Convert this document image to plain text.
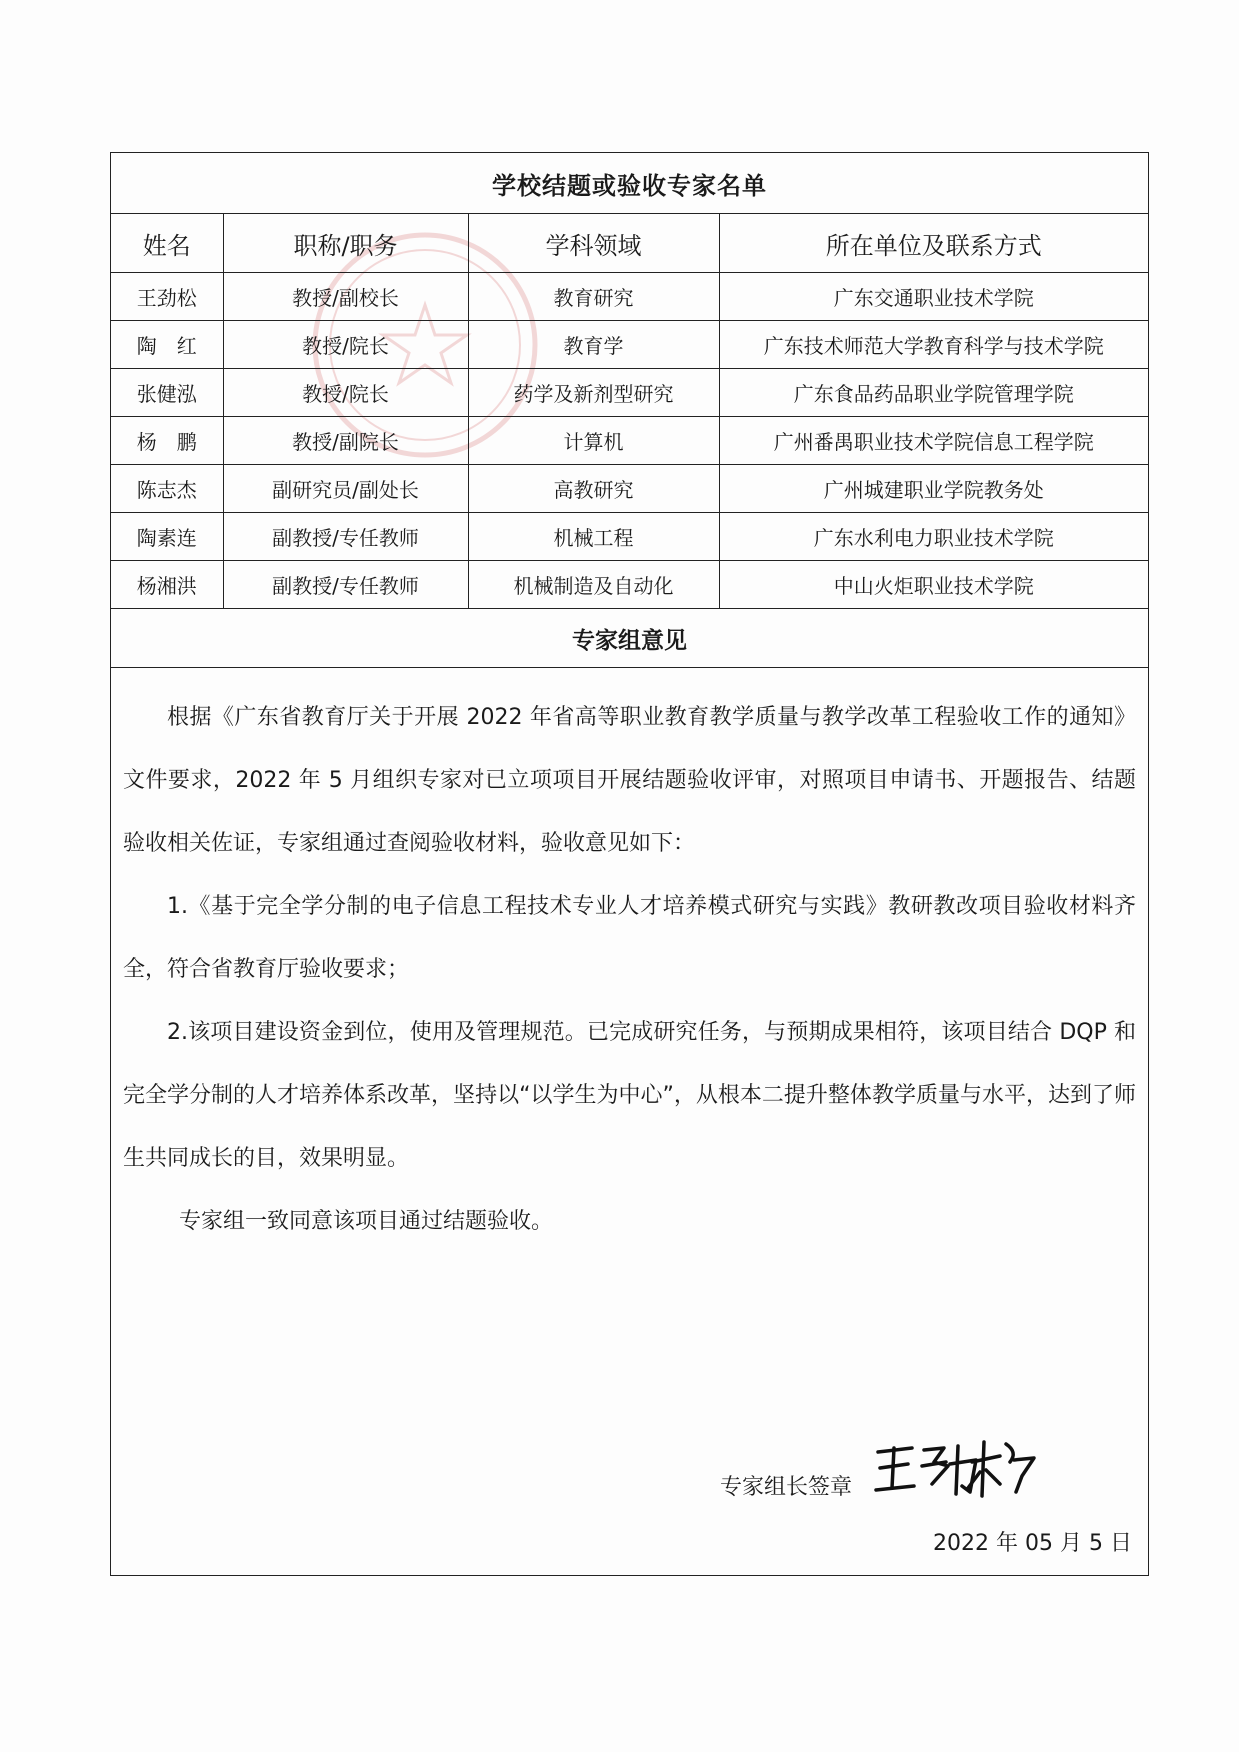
学校结题或验收专家名单
姓名	职称/职务	学科领域	所在单位及联系方式
王劲松	教授/副校长	教育研究	广东交通职业技术学院
陶　红	教授/院长	教育学	广东技术师范大学教育科学与技术学院
张健泓	教授/院长	药学及新剂型研究	广东食品药品职业学院管理学院
杨　鹏	教授/副院长	计算机	广州番禺职业技术学院信息工程学院
陈志杰	副研究员/副处长	高教研究	广州城建职业学院教务处
陶素连	副教授/专任教师	机械工程	广东水利电力职业技术学院
杨湘洪	副教授/专任教师	机械制造及自动化	中山火炬职业技术学院
专家组意见

根据《广东省教育厅关于开展 2022 年省高等职业教育教学质量与教学改革工程验收工作的通知》文件要求，2022 年 5 月组织专家对已立项项目开展结题验收评审，对照项目申请书、开题报告、结题验收相关佐证，专家组通过查阅验收材料，验收意见如下：

1.《基于完全学分制的电子信息工程技术专业人才培养模式研究与实践》教研教改项目验收材料齐全，符合省教育厅验收要求；

2.该项目建设资金到位，使用及管理规范。已完成研究任务，与预期成果相符，该项目结合 DQP 和完全学分制的人才培养体系改革，坚持以“以学生为中心”，从根本二提升整体教学质量与水平，达到了师生共同成长的目，效果明显。

专家组一致同意该项目通过结题验收。

专家组长签章
2022 年 05 月 5 日
